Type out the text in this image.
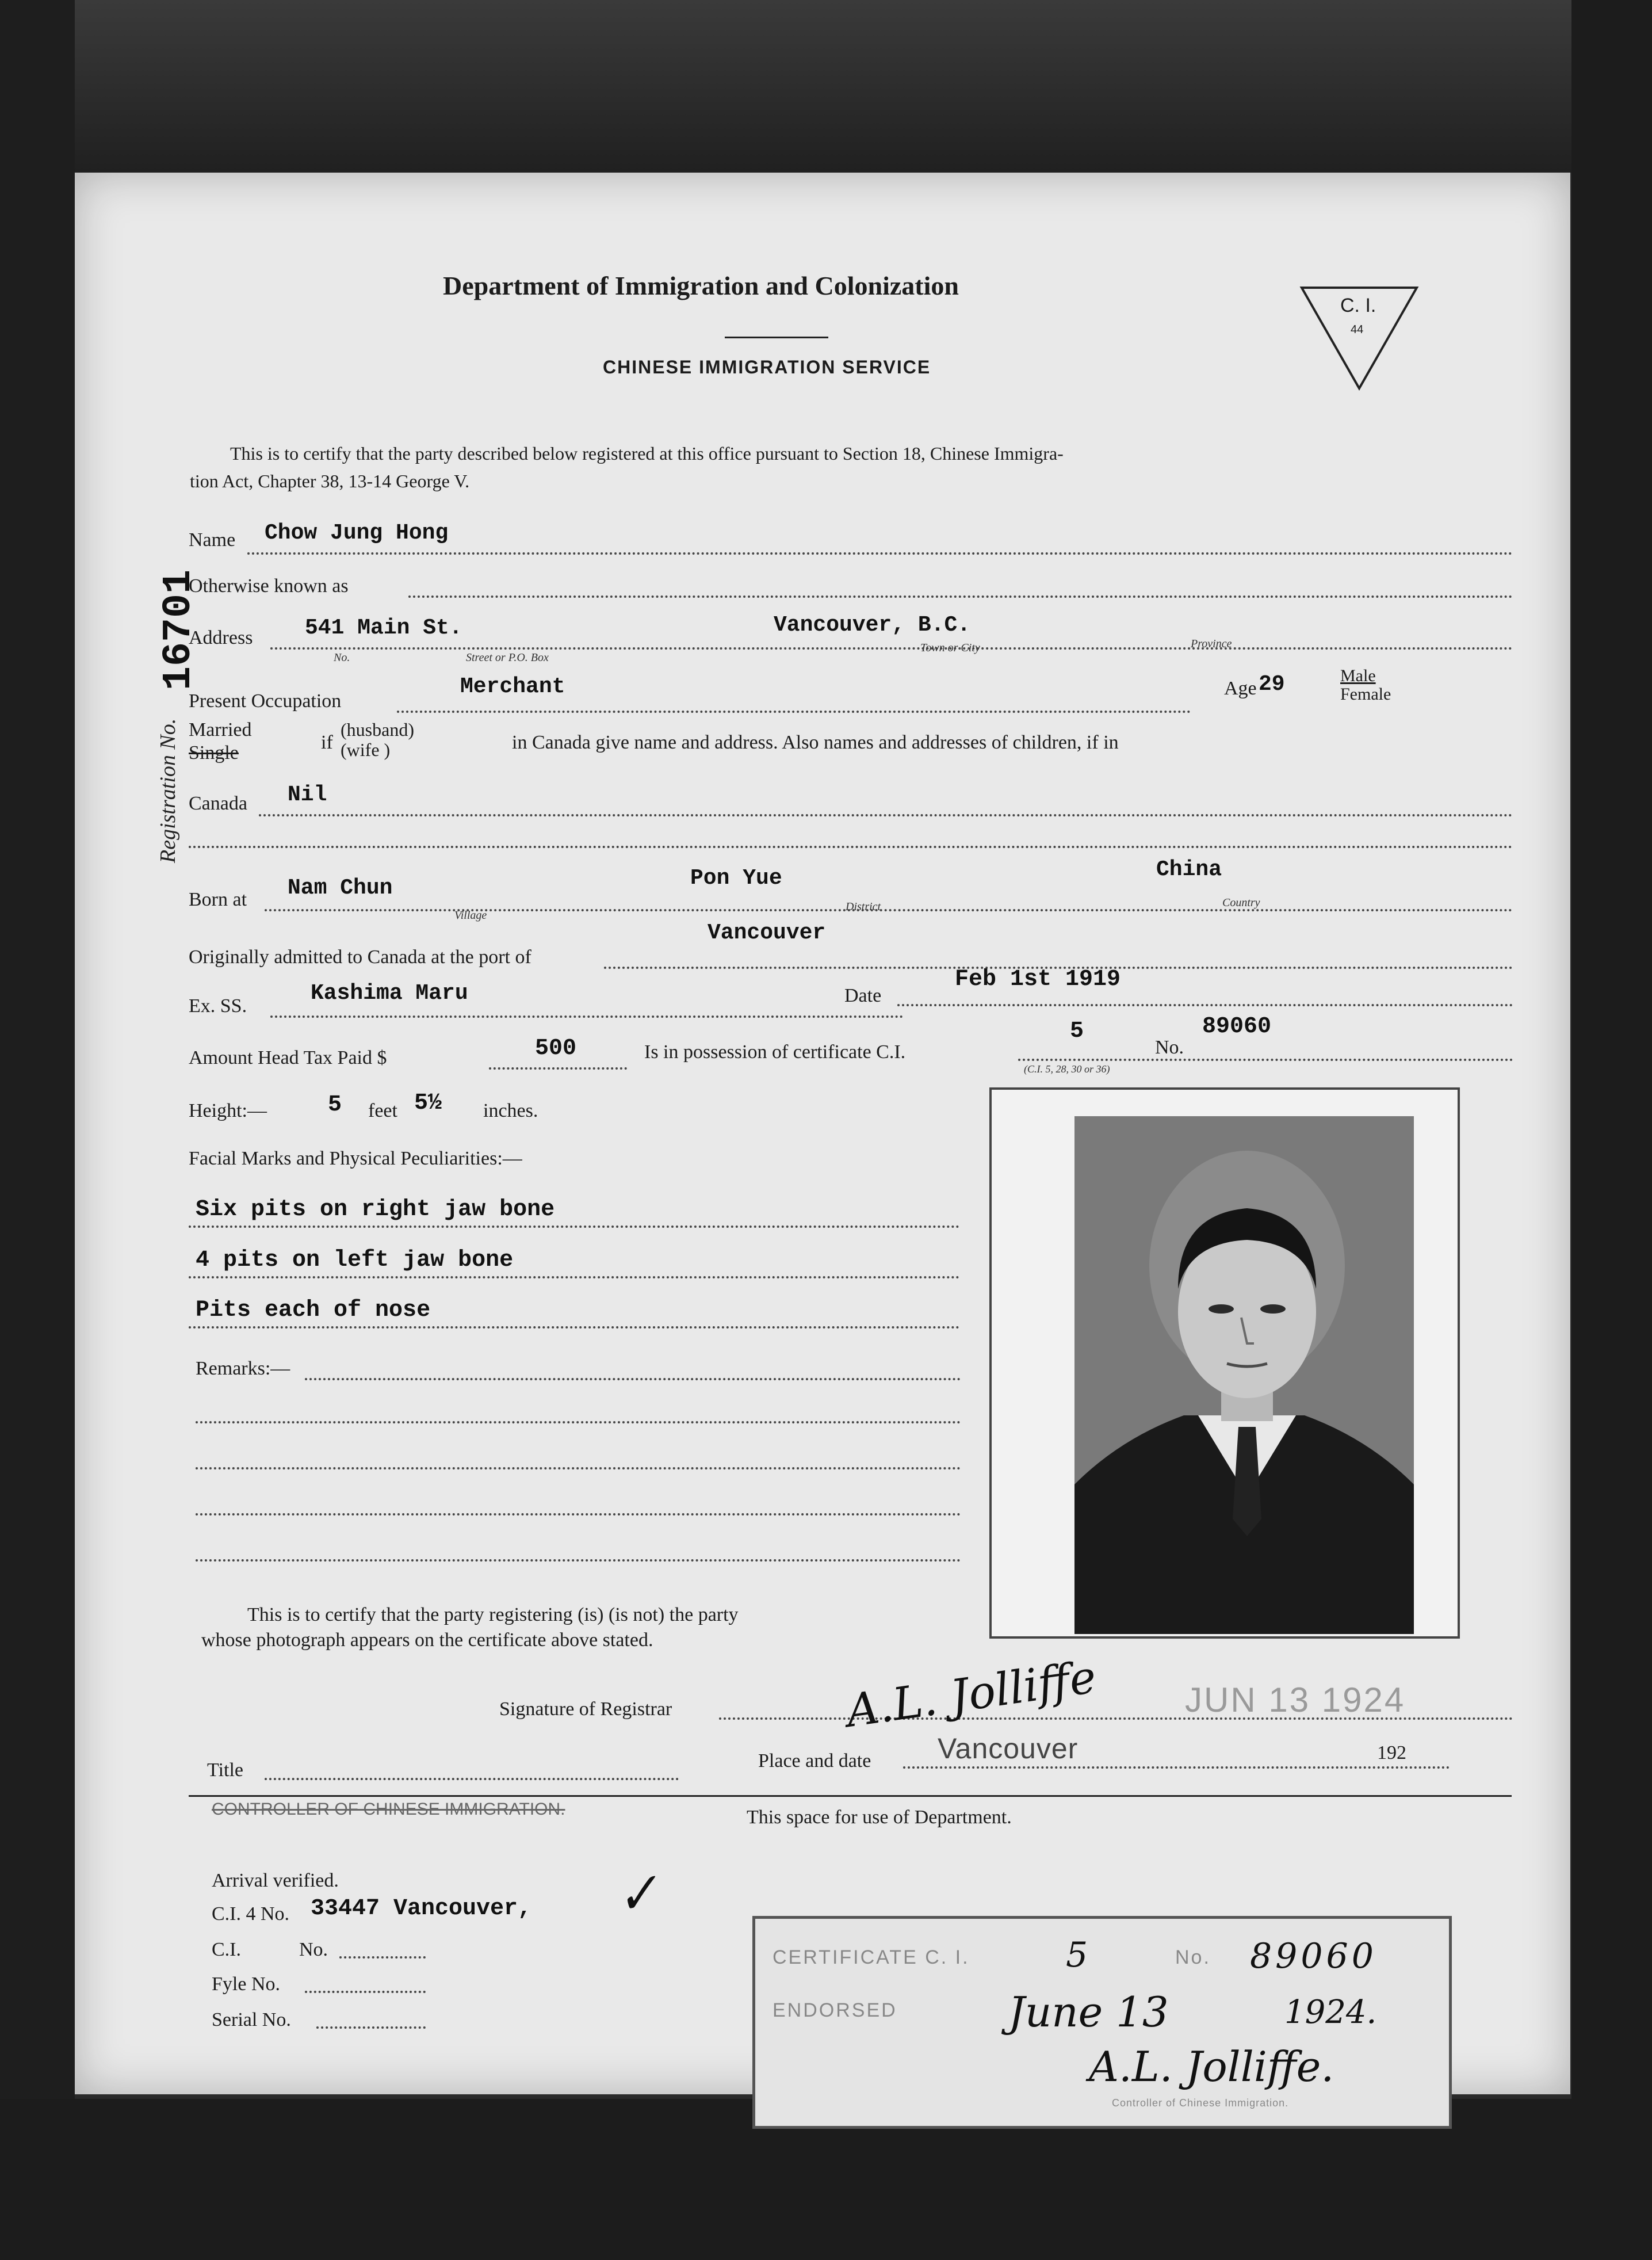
Department of Immigration and Colonization
CHINESE IMMIGRATION SERVICE
C. I.
44
Registration No.
16701
This is to certify that the party described below registered at this office pursuant to Section 18, Chinese Immigra-
tion Act, Chapter 38, 13-14 George V.
Name Chow Jung Hong
Otherwise known as
Address 541 Main St.	Vancouver, B.C.
No.	Street or P.O. Box
Town or City	Province
Present Occupation
Merchant	Age 29	Male
Female
Married
Single	if
(husband)
(wife )	in Canada give name and address. Also names and addresses of children, if in
Canada Nil
Born at Nam Chun	Pon Yue	China
Village
District	Country
Originally admitted to Canada at the port of
Vancouver
Ex. SS.
Kashima Maru	Date
Feb 1st 1919
Amount Head Tax Paid $	500	Is in possession of certificate C.I.
5
No.
89060
(C.I. 5, 28, 30 or 36)
Height:—	5 feet 5½ inches.
Facial Marks and Physical Peculiarities:—
Six pits on right jaw bone
4 pits on left jaw bone
Pits each of nose
Remarks:—
This is to certify that the party registering (is) (is not) the party
whose photograph appears on the certificate above stated.
Signature of Registrar	A.L. Jolliffe JUN 13 1924
Title	Place and date Vancouver	192
CONTROLLER OF CHINESE IMMIGRATION.	This space for use of Department.
Arrival verified.
C.I. 4 No. 33447 Vancouver, ✓
C.I.	No.
Fyle No.
Serial No.
CERTIFICATE C. I.	5	No. 89060
ENDORSED	June 13	1924.
A.L. Jolliffe.
Controller of Chinese Immigration.
